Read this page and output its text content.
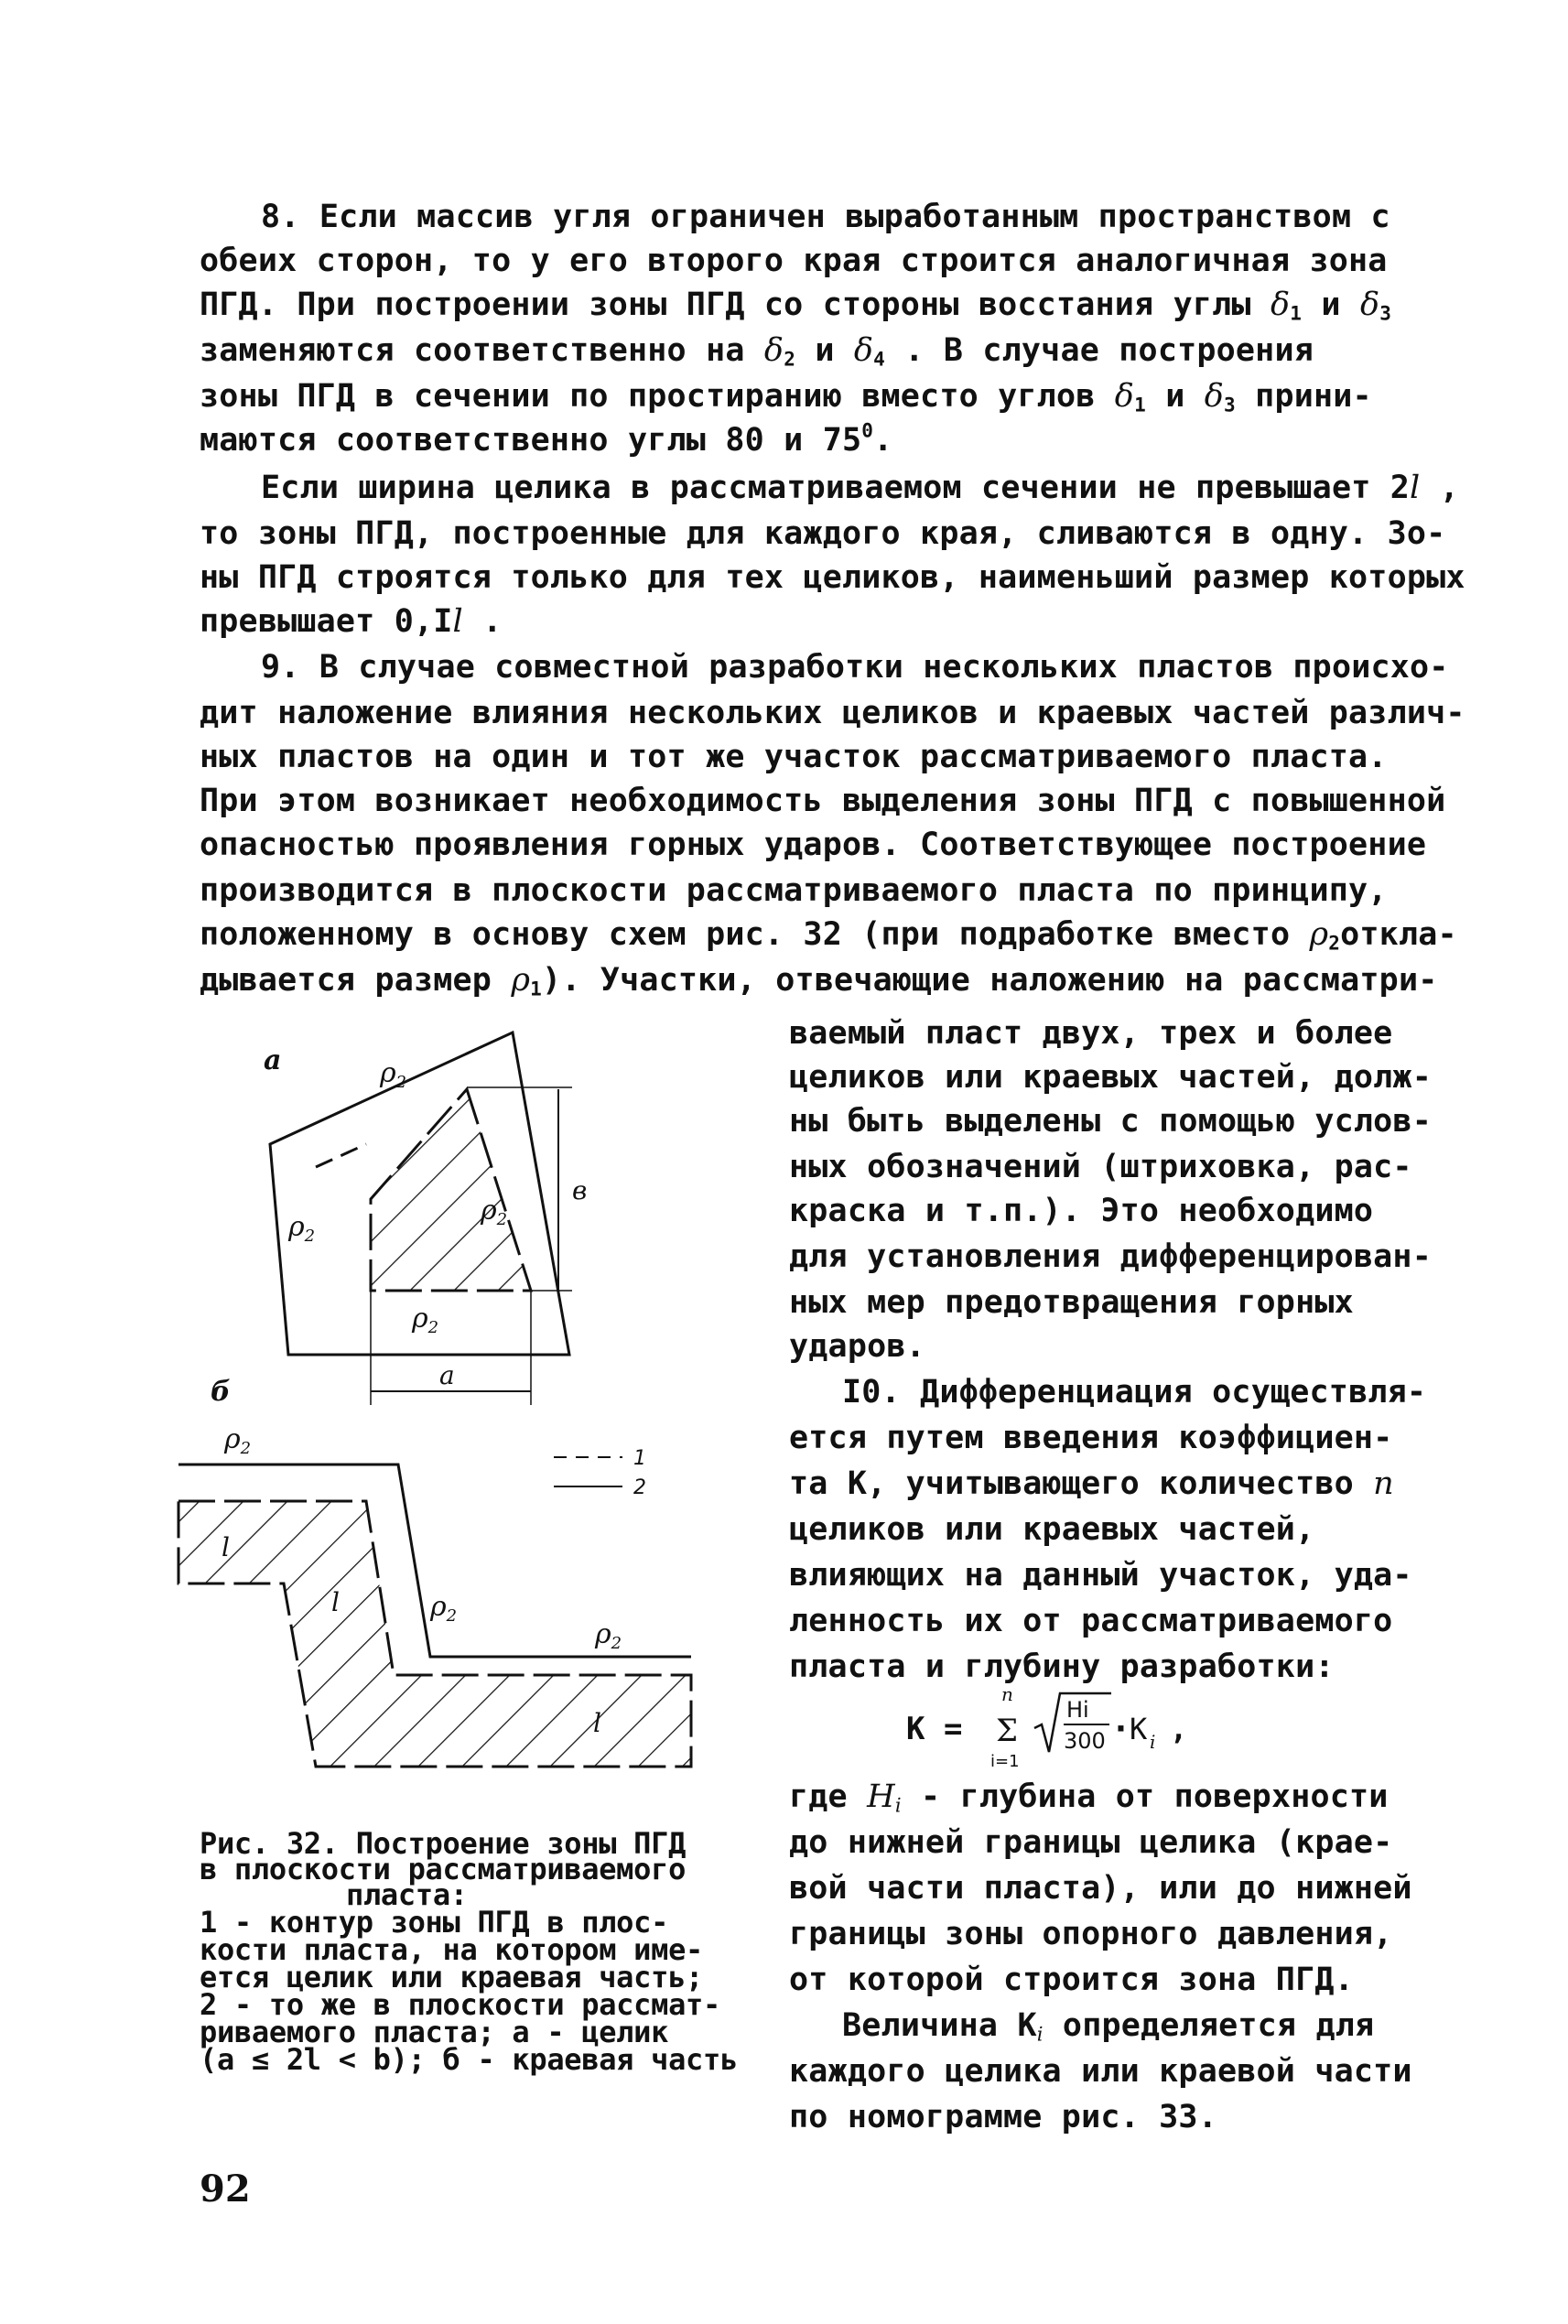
8. Если массив угля ограничен выработанным пространством с
обеих сторон, то у его второго края строится аналогичная зона
ПГД. При построении зоны ПГД со стороны восстания углы $\delta_1$ и $\delta_3$
заменяются соответственно на $\delta_2$ и $\delta_4$ . В случае построения
зоны ПГД в сечении по простиранию вместо углов $\delta_1$ и $\delta_3$ прини-
маются соответственно углы 80 и $75^0$.
Если ширина целика в рассматриваемом сечении не превышает 2l ,
то зоны ПГД, построенные для каждого края, сливаются в одну. Зо-
ны ПГД строятся только для тех целиков, наименьший размер которых
превышает 0,Il .
9. В случае совместной разработки нескольких пластов происхо-
дит наложение влияния нескольких целиков и краевых частей различ-
ных пластов на один и тот же участок рассматриваемого пласта.
При этом возникает необходимость выделения зоны ПГД с повышенной
опасностью проявления горных ударов. Соответствующее построение
производится в плоскости рассматриваемого пласта по принципу,
положенному в основу схем рис. 32 (при подработке вместо $\rho_2откла-$
дывается размер $\rho_1$). Участки, отвечающие наложению на рассматри-
ваемый пласт двух, трех и более
целиков или краевых частей, долж-
ны быть выделены с помощью услов-
ных обозначений (штриховка, рас-
краска и т.п.). Это необходимо
для установления дифференцирован-
ных мер предотвращения горных
ударов.
I0. Дифференциация осуществля-
ется путем введения коэффициен-
та К, учитывающего количество n
целиков или краевых частей,
влияющих на данный участок, уда-
ленность их от рассматриваемого
пласта и глубину разработки:
К =
n
Σ
i=1
Hi
300 · К i ,
где $H_i$ - глубина от поверхности
до нижней границы целика (крае-
вой части пласта), или до нижней
границы зоны опорного давления,
от которой строится зона ПГД.
Величина $К_i$ определяется для
каждого целика или краевой части
по номограмме рис. 33.
а
в
а
$\rho_2$
$\rho_2$
$\rho_2$
$\rho_2$
б
$\rho_2$
$\rho_2$
$\rho_2$
l
l
l
1
2
Рис. 32. Построение зоны ПГД
в плоскости рассматриваемого
пласта:
1 - контур зоны ПГД в плос-
кости пласта, на котором име-
ется целик или краевая часть;
2 - то же в плоскости рассмат-
риваемого пласта; а - целик
(а ≤ 2l < b); б - краевая часть
92
